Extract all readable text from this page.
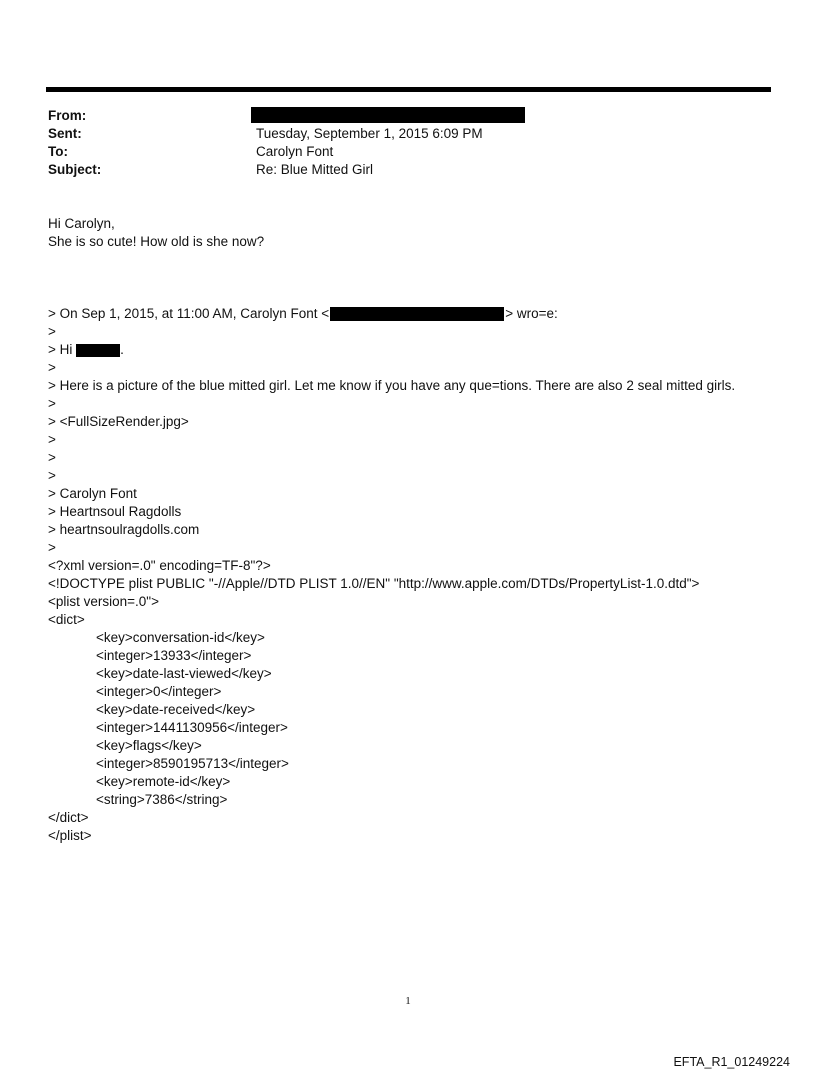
From:
Sent:	Tuesday, September 1, 2015 6:09 PM
To:	Carolyn Font
Subject:	Re: Blue Mitted Girl
Hi Carolyn,
She is so cute! How old is she now?
> On Sep 1, 2015, at 11:00 AM, Carolyn Font <	> wro=e:
>
> Hi	.
>
> Here is a picture of the blue mitted girl. Let me know if you have any que=tions. There are also 2 seal mitted girls.
>
> <FullSizeRender.jpg>
>
>
>
> Carolyn Font
> Heartnsoul Ragdolls
> heartnsoulragdolls.com
>
<?xml version=.0" encoding=TF-8"?>
<!DOCTYPE plist PUBLIC "-//Apple//DTD PLIST 1.0//EN" "http://www.apple.com/DTDs/PropertyList-1.0.dtd">
<plist version=.0">
<dict>
<key>conversation-id</key>
<integer>13933</integer>
<key>date-last-viewed</key>
<integer>0</integer>
<key>date-received</key>
<integer>1441130956</integer>
<key>flags</key>
<integer>8590195713</integer>
<key>remote-id</key>
<string>7386</string>
</dict>
</plist>
1
EFTA_R1_01249224
